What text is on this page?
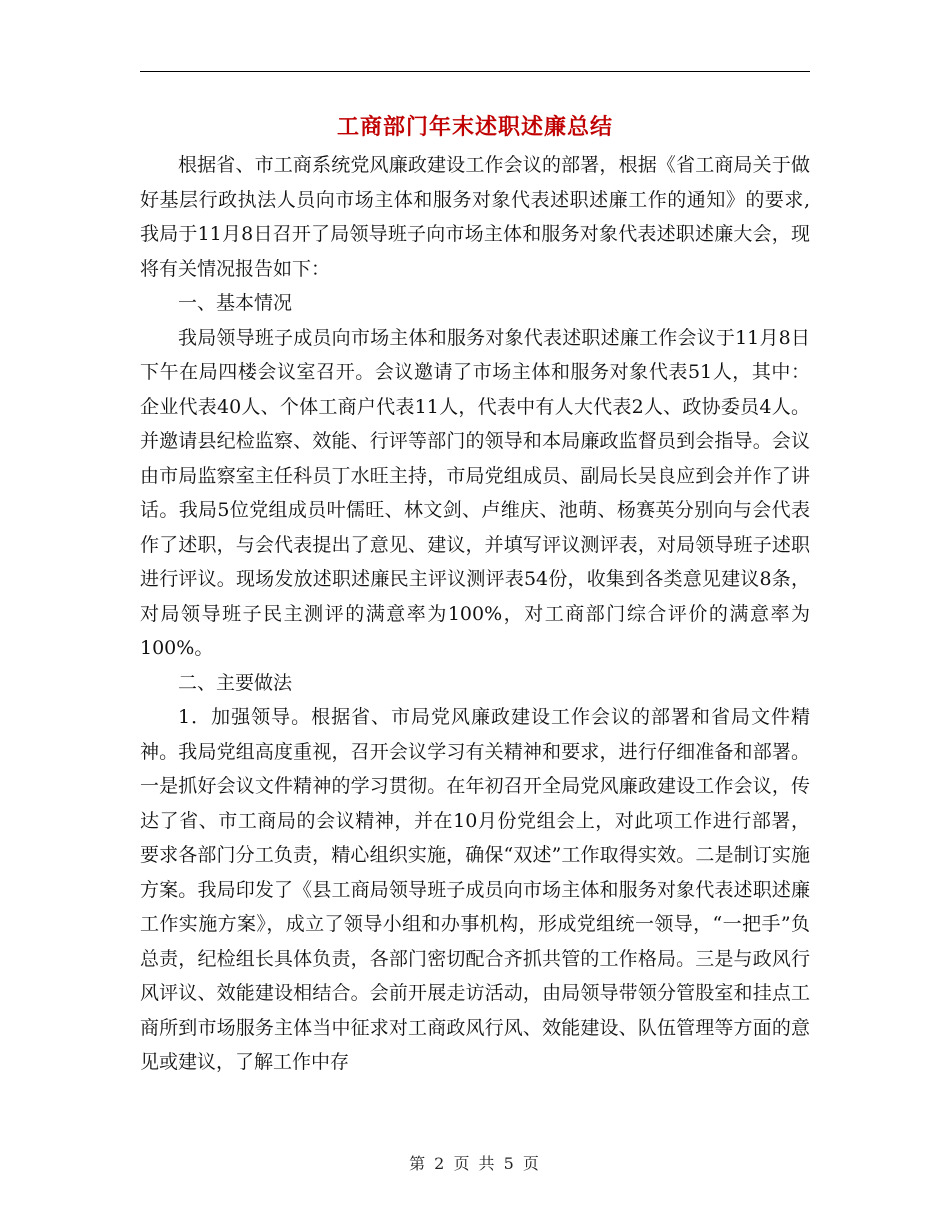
工商部门年末述职述廉总结

根据省、市工商系统党风廉政建设工作会议的部署，根据《省工商局关于做好基层行政执法人员向市场主体和服务对象代表述职述廉工作的通知》的要求,我局于11月8日召开了局领导班子向市场主体和服务对象代表述职述廉大会，现将有关情况报告如下：

一、基本情况

我局领导班子成员向市场主体和服务对象代表述职述廉工作会议于11月8日下午在局四楼会议室召开。会议邀请了市场主体和服务对象代表51人，其中：企业代表40人、个体工商户代表11人，代表中有人大代表2人、政协委员4人。并邀请县纪检监察、效能、行评等部门的领导和本局廉政监督员到会指导。会议由市局监察室主任科员丁水旺主持，市局党组成员、副局长吴良应到会并作了讲话。我局5位党组成员叶儒旺、林文剑、卢维庆、池萌、杨赛英分别向与会代表作了述职，与会代表提出了意见、建议，并填写评议测评表，对局领导班子述职进行评议。现场发放述职述廉民主评议测评表54份，收集到各类意见建议8条，对局领导班子民主测评的满意率为100%，对工商部门综合评价的满意率为100%。

二、主要做法

1．加强领导。根据省、市局党风廉政建设工作会议的部署和省局文件精神。我局党组高度重视，召开会议学习有关精神和要求，进行仔细准备和部署。一是抓好会议文件精神的学习贯彻。在年初召开全局党风廉政建设工作会议，传达了省、市工商局的会议精神，并在10月份党组会上，对此项工作进行部署，要求各部门分工负责，精心组织实施，确保“双述”工作取得实效。二是制订实施方案。我局印发了《县工商局领导班子成员向市场主体和服务对象代表述职述廉工作实施方案》，成立了领导小组和办事机构，形成党组统一领导，“一把手”负总责，纪检组长具体负责，各部门密切配合齐抓共管的工作格局。三是与政风行风评议、效能建设相结合。会前开展走访活动，由局领导带领分管股室和挂点工商所到市场服务主体当中征求对工商政风行风、效能建设、队伍管理等方面的意见或建议，了解工作中存

第 2 页 共 5 页
